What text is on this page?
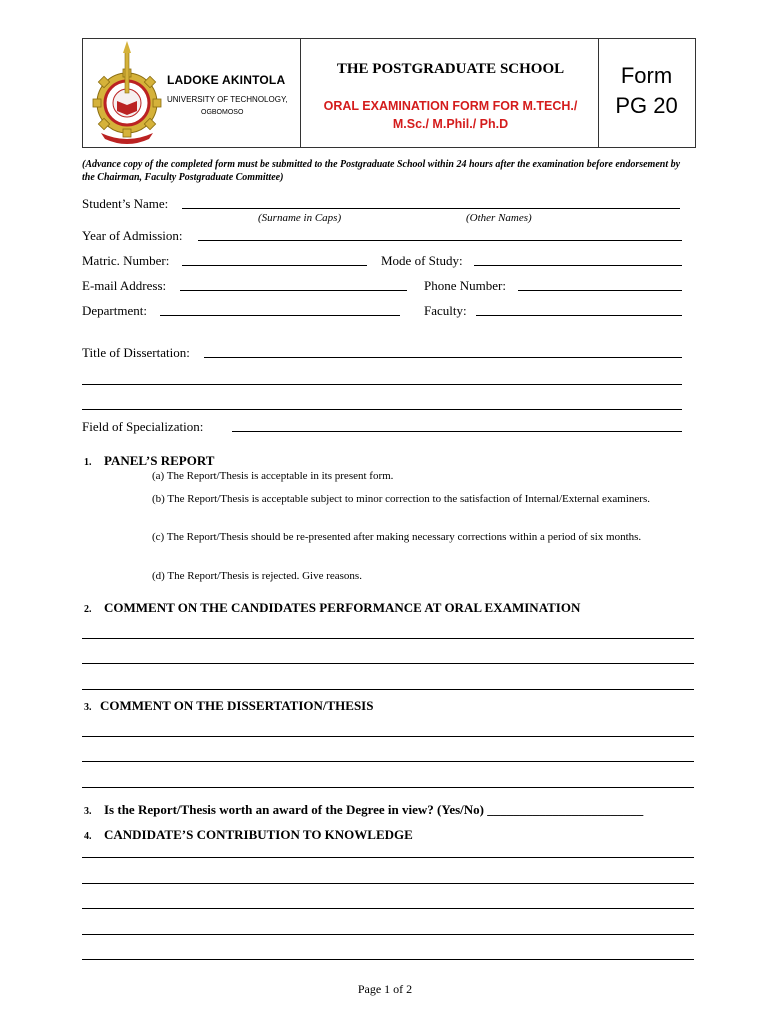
LADOKE AKINTOLA
UNIVERSITY OF TECHNOLOGY,
OGBOMOSO
THE POSTGRADUATE SCHOOL
ORAL EXAMINATION FORM FOR M.TECH./
M.Sc./ M.Phil./ Ph.D
Form
PG 20
(Advance copy of the completed form must be submitted to the Postgraduate School within 24 hours after the examination before endorsement by the Chairman, Faculty Postgraduate Committee)
Student’s Name:
(Surname in Caps)	(Other Names)
Year of Admission:
Matric. Number:	Mode of Study:
E-mail Address:	Phone Number:
Department:	Faculty:
Title of Dissertation:
Field of Specialization:
1. PANEL’S REPORT
(a) The Report/Thesis is acceptable in its present form.
(b) The Report/Thesis is acceptable subject to minor correction to the satisfaction of Internal/External examiners.
(c) The Report/Thesis should be re-presented after making necessary corrections within a period of six months.
(d) The Report/Thesis is rejected. Give reasons.
2. COMMENT ON THE CANDIDATES PERFORMANCE AT ORAL EXAMINATION
3. COMMENT ON THE DISSERTATION/THESIS
3. Is the Report/Thesis worth an award of the Degree in view? (Yes/No) ________________________
4. CANDIDATE’S CONTRIBUTION TO KNOWLEDGE
Page 1 of 2
